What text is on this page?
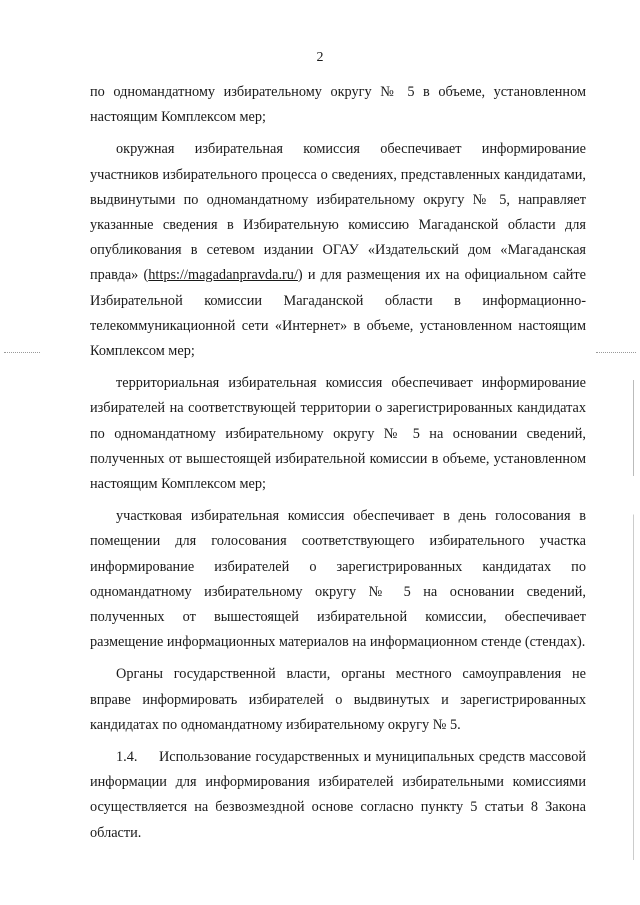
2

по одномандатному избирательному округу № 5 в объеме, установленном настоящим Комплексом мер;

окружная избирательная комиссия обеспечивает информирование участников избирательного процесса о сведениях, представленных кандидатами, выдвинутыми по одномандатному избирательному округу № 5, направляет указанные сведения в Избирательную комиссию Магаданской области для опубликования в сетевом издании ОГАУ «Издательский дом «Магаданская правда» (https://magadanpravda.ru/) и для размещения их на официальном сайте Избирательной комиссии Магаданской области в информационно-телекоммуникационной сети «Интернет» в объеме, установленном настоящим Комплексом мер;

территориальная избирательная комиссия обеспечивает информирование избирателей на соответствующей территории о зарегистрированных кандидатах по одномандатному избирательному округу № 5 на основании сведений, полученных от вышестоящей избирательной комиссии в объеме, установленном настоящим Комплексом мер;

участковая избирательная комиссия обеспечивает в день голосования в помещении для голосования соответствующего избирательного участка информирование избирателей о зарегистрированных кандидатах по одномандатному избирательному округу № 5 на основании сведений, полученных от вышестоящей избирательной комиссии, обеспечивает размещение информационных материалов на информационном стенде (стендах).

Органы государственной власти, органы местного самоуправления не вправе информировать избирателей о выдвинутых и зарегистрированных кандидатах по одномандатному избирательному округу № 5.

1.4. Использование государственных и муниципальных средств массовой информации для информирования избирателей избирательными комиссиями осуществляется на безвозмездной основе согласно пункту 5 статьи 8 Закона области.
